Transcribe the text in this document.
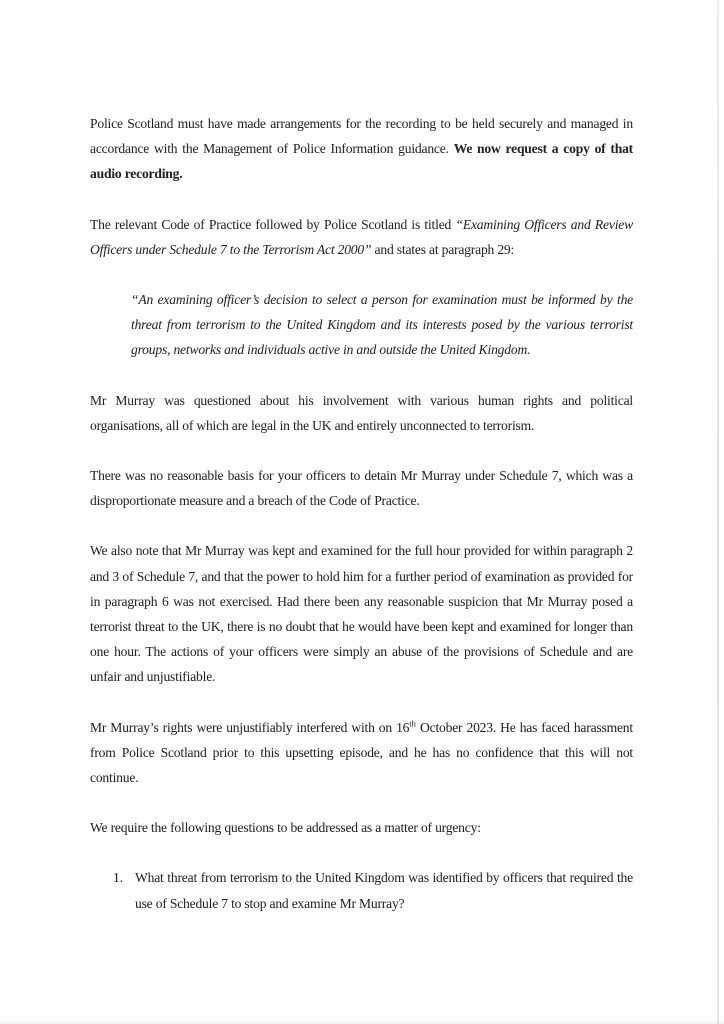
Police Scotland must have made arrangements for the recording to be held securely and managed in accordance with the Management of Police Information guidance. We now request a copy of that audio recording.

The relevant Code of Practice followed by Police Scotland is titled “Examining Officers and Review Officers under Schedule 7 to the Terrorism Act 2000” and states at paragraph 29:

“An examining officer’s decision to select a person for examination must be informed by the threat from terrorism to the United Kingdom and its interests posed by the various terrorist groups, networks and individuals active in and outside the United Kingdom.

Mr Murray was questioned about his involvement with various human rights and political organisations, all of which are legal in the UK and entirely unconnected to terrorism.

There was no reasonable basis for your officers to detain Mr Murray under Schedule 7, which was a disproportionate measure and a breach of the Code of Practice.

We also note that Mr Murray was kept and examined for the full hour provided for within paragraph 2 and 3 of Schedule 7, and that the power to hold him for a further period of examination as provided for in paragraph 6 was not exercised. Had there been any reasonable suspicion that Mr Murray posed a terrorist threat to the UK, there is no doubt that he would have been kept and examined for longer than one hour. The actions of your officers were simply an abuse of the provisions of Schedule and are unfair and unjustifiable.

Mr Murray’s rights were unjustifiably interfered with on 16th October 2023. He has faced harassment from Police Scotland prior to this upsetting episode, and he has no confidence that this will not continue.

We require the following questions to be addressed as a matter of urgency:

1. What threat from terrorism to the United Kingdom was identified by officers that required the use of Schedule 7 to stop and examine Mr Murray?
